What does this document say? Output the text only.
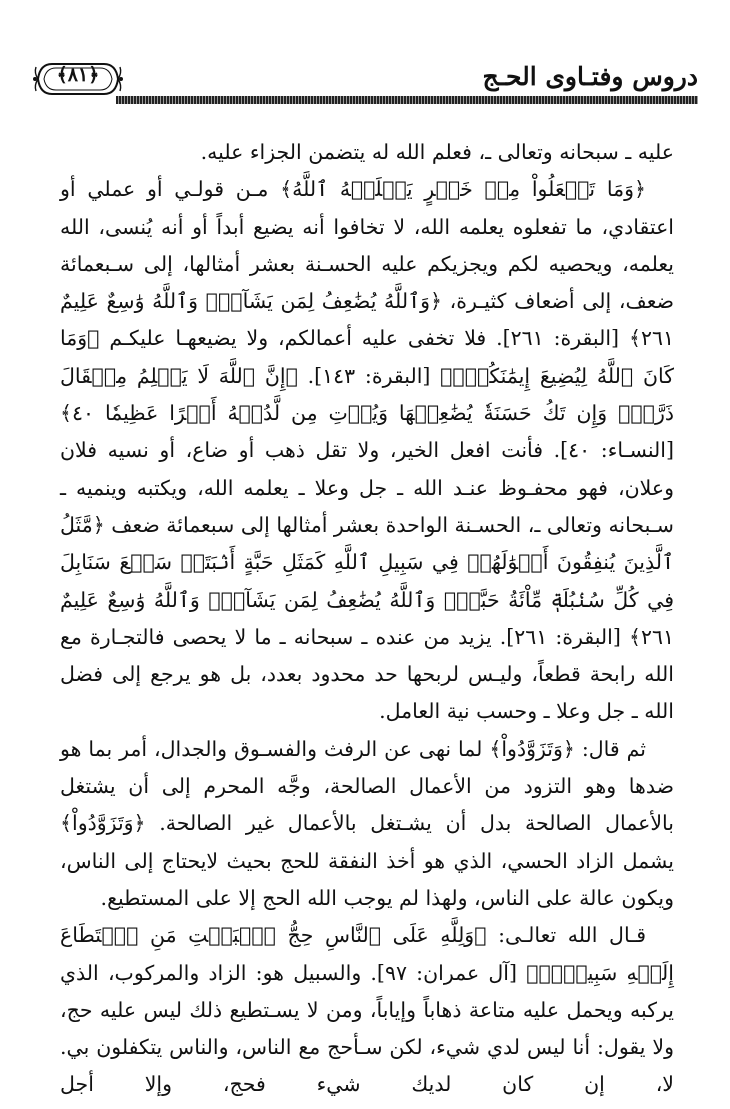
دروس وفتـاوى الحـج
﴿٨١﴾

عليه ـ سبحانه وتعالى ـ، فعلم الله له يتضمن الجزاء عليه.

﴿وَمَا تَفۡعَلُواْ مِنۡ خَيۡرٍ يَعۡلَمۡهُ ٱللَّهُ﴾ مـن قولـي أو عملي أو اعتقادي، ما تفعلوه يعلمه الله، لا تخافوا أنه يضيع أبداً أو أنه يُنسى، الله يعلمه، ويحصيه لكم ويجزيكم عليه الحسـنة بعشر أمثالها، إلى سـبعمائة ضعف، إلى أضعاف كثيـرة، ﴿وَٱللَّهُ يُضَٰعِفُ لِمَن يَشَآءُۗ وَٱللَّهُ وَٰسِعٌ عَلِيمٌ ٢٦١﴾ [البقرة: ٢٦١]. فلا تخفى عليه أعمالكم، ولا يضيعهـا عليكـم ﴿وَمَا كَانَ ٱللَّهُ لِيُضِيعَ إِيمَٰنَكُمۡۚ﴾ [البقرة: ١٤٣]. ﴿إِنَّ ٱللَّهَ لَا يَظۡلِمُ مِثۡقَالَ ذَرَّةٖۖ وَإِن تَكُ حَسَنَةٗ يُضَٰعِفۡهَا وَيُؤۡتِ مِن لَّدُنۡهُ أَجۡرًا عَظِيمٗا ٤٠﴾ [النسـاء: ٤٠]. فأنت افعل الخير، ولا تقل ذهب أو ضاع، أو نسيه فلان وعلان، فهو محفـوظ عنـد الله ـ جل وعلا ـ يعلمه الله، ويكتبه وينميه ـ سـبحانه وتعالى ـ، الحسـنة الواحدة بعشر أمثالها إلى سبعمائة ضعف ﴿مَّثَلُ ٱلَّذِينَ يُنفِقُونَ أَمۡوَٰلَهُمۡ فِي سَبِيلِ ٱللَّهِ كَمَثَلِ حَبَّةٍ أَنۢبَتَتۡ سَبۡعَ سَنَابِلَ فِي كُلِّ سُنۢبُلَةٖ مِّاْئَةُ حَبَّةٖۗ وَٱللَّهُ يُضَٰعِفُ لِمَن يَشَآءُۚ وَٱللَّهُ وَٰسِعٌ عَلِيمٌ ٢٦١﴾ [البقرة: ٢٦١]. يزيد من عنده ـ سبحانه ـ ما لا يحصى فالتجـارة مع الله رابحة قطعاً، وليـس لربحها حد محدود بعدد، بل هو يرجع إلى فضل الله ـ جل وعلا ـ وحسب نية العامل.

ثم قال: ﴿وَتَزَوَّدُواْ﴾ لما نهى عن الرفث والفسـوق والجدال، أمر بما هو ضدها وهو التزود من الأعمال الصالحة، وجَّه المحرم إلى أن يشتغل بالأعمال الصالحة بدل أن يشـتغل بالأعمال غير الصالحة. ﴿وَتَزَوَّدُواْ﴾ يشمل الزاد الحسي، الذي هو أخذ النفقة للحج بحيث لايحتاج إلى الناس، ويكون عالة على الناس، ولهذا لم يوجب الله الحج إلا على المستطيع.

قـال الله تعالـى: ﴿وَلِلَّهِ عَلَى ٱلنَّاسِ حِجُّ ٱلۡبَيۡتِ مَنِ ٱسۡتَطَاعَ إِلَيۡهِ سَبِيلٗاۚ﴾ [آل عمران: ٩٧]. والسبيل هو: الزاد والمركوب، الذي يركبه ويحمل عليه متاعة ذهاباً وإياباً، ومن لا يسـتطيع ذلك ليس عليه حج، ولا يقول: أنا ليس لدي شيء، لكن سـأحج مع الناس، والناس يتكفلون بي. لا، إن كان لديك شيء فحج، وإلا أجل
